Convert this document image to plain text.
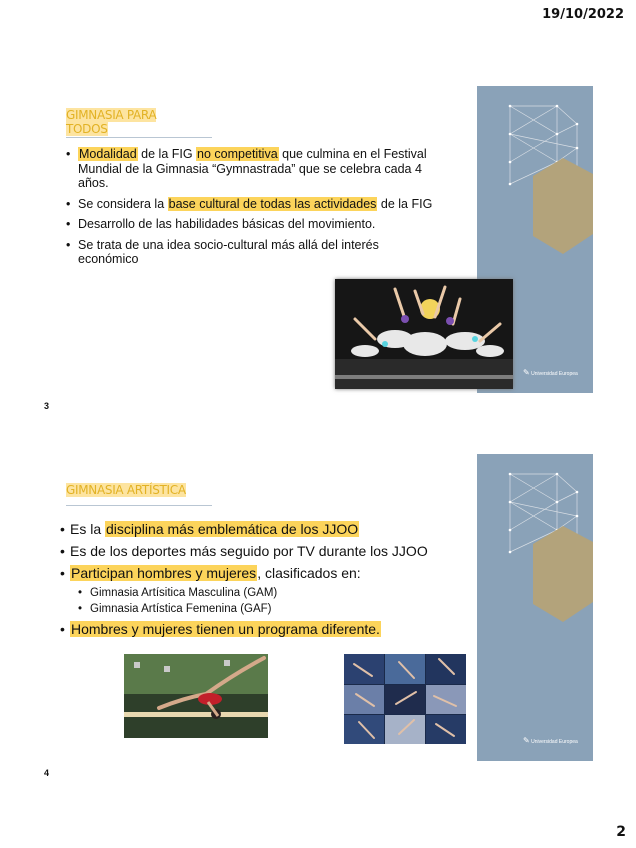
19/10/2022
✎ Universidad Europea
GIMNASIA PARA
TODOS
• Modalidad de la FIG no competitiva que culmina en el Festival Mundial de la Gimnasia “Gymnastrada” que se celebra cada 4 años.
• Se considera la base cultural de todas las actividades de la FIG
• Desarrollo de las habilidades básicas del movimiento.
• Se trata de una idea socio-cultural más allá del interés económico
3
✎ Universidad Europea
GIMNASIA ARTÍSTICA
• Es la disciplina más emblemática de los JJOO
• Es de los deportes más seguido por TV durante los JJOO
• Participan hombres y mujeres, clasificados en:
• Gimnasia Artísitica Masculina (GAM)
• Gimnasia Artística Femenina (GAF)
• Hombres y mujeres tienen un programa diferente.
4
2
